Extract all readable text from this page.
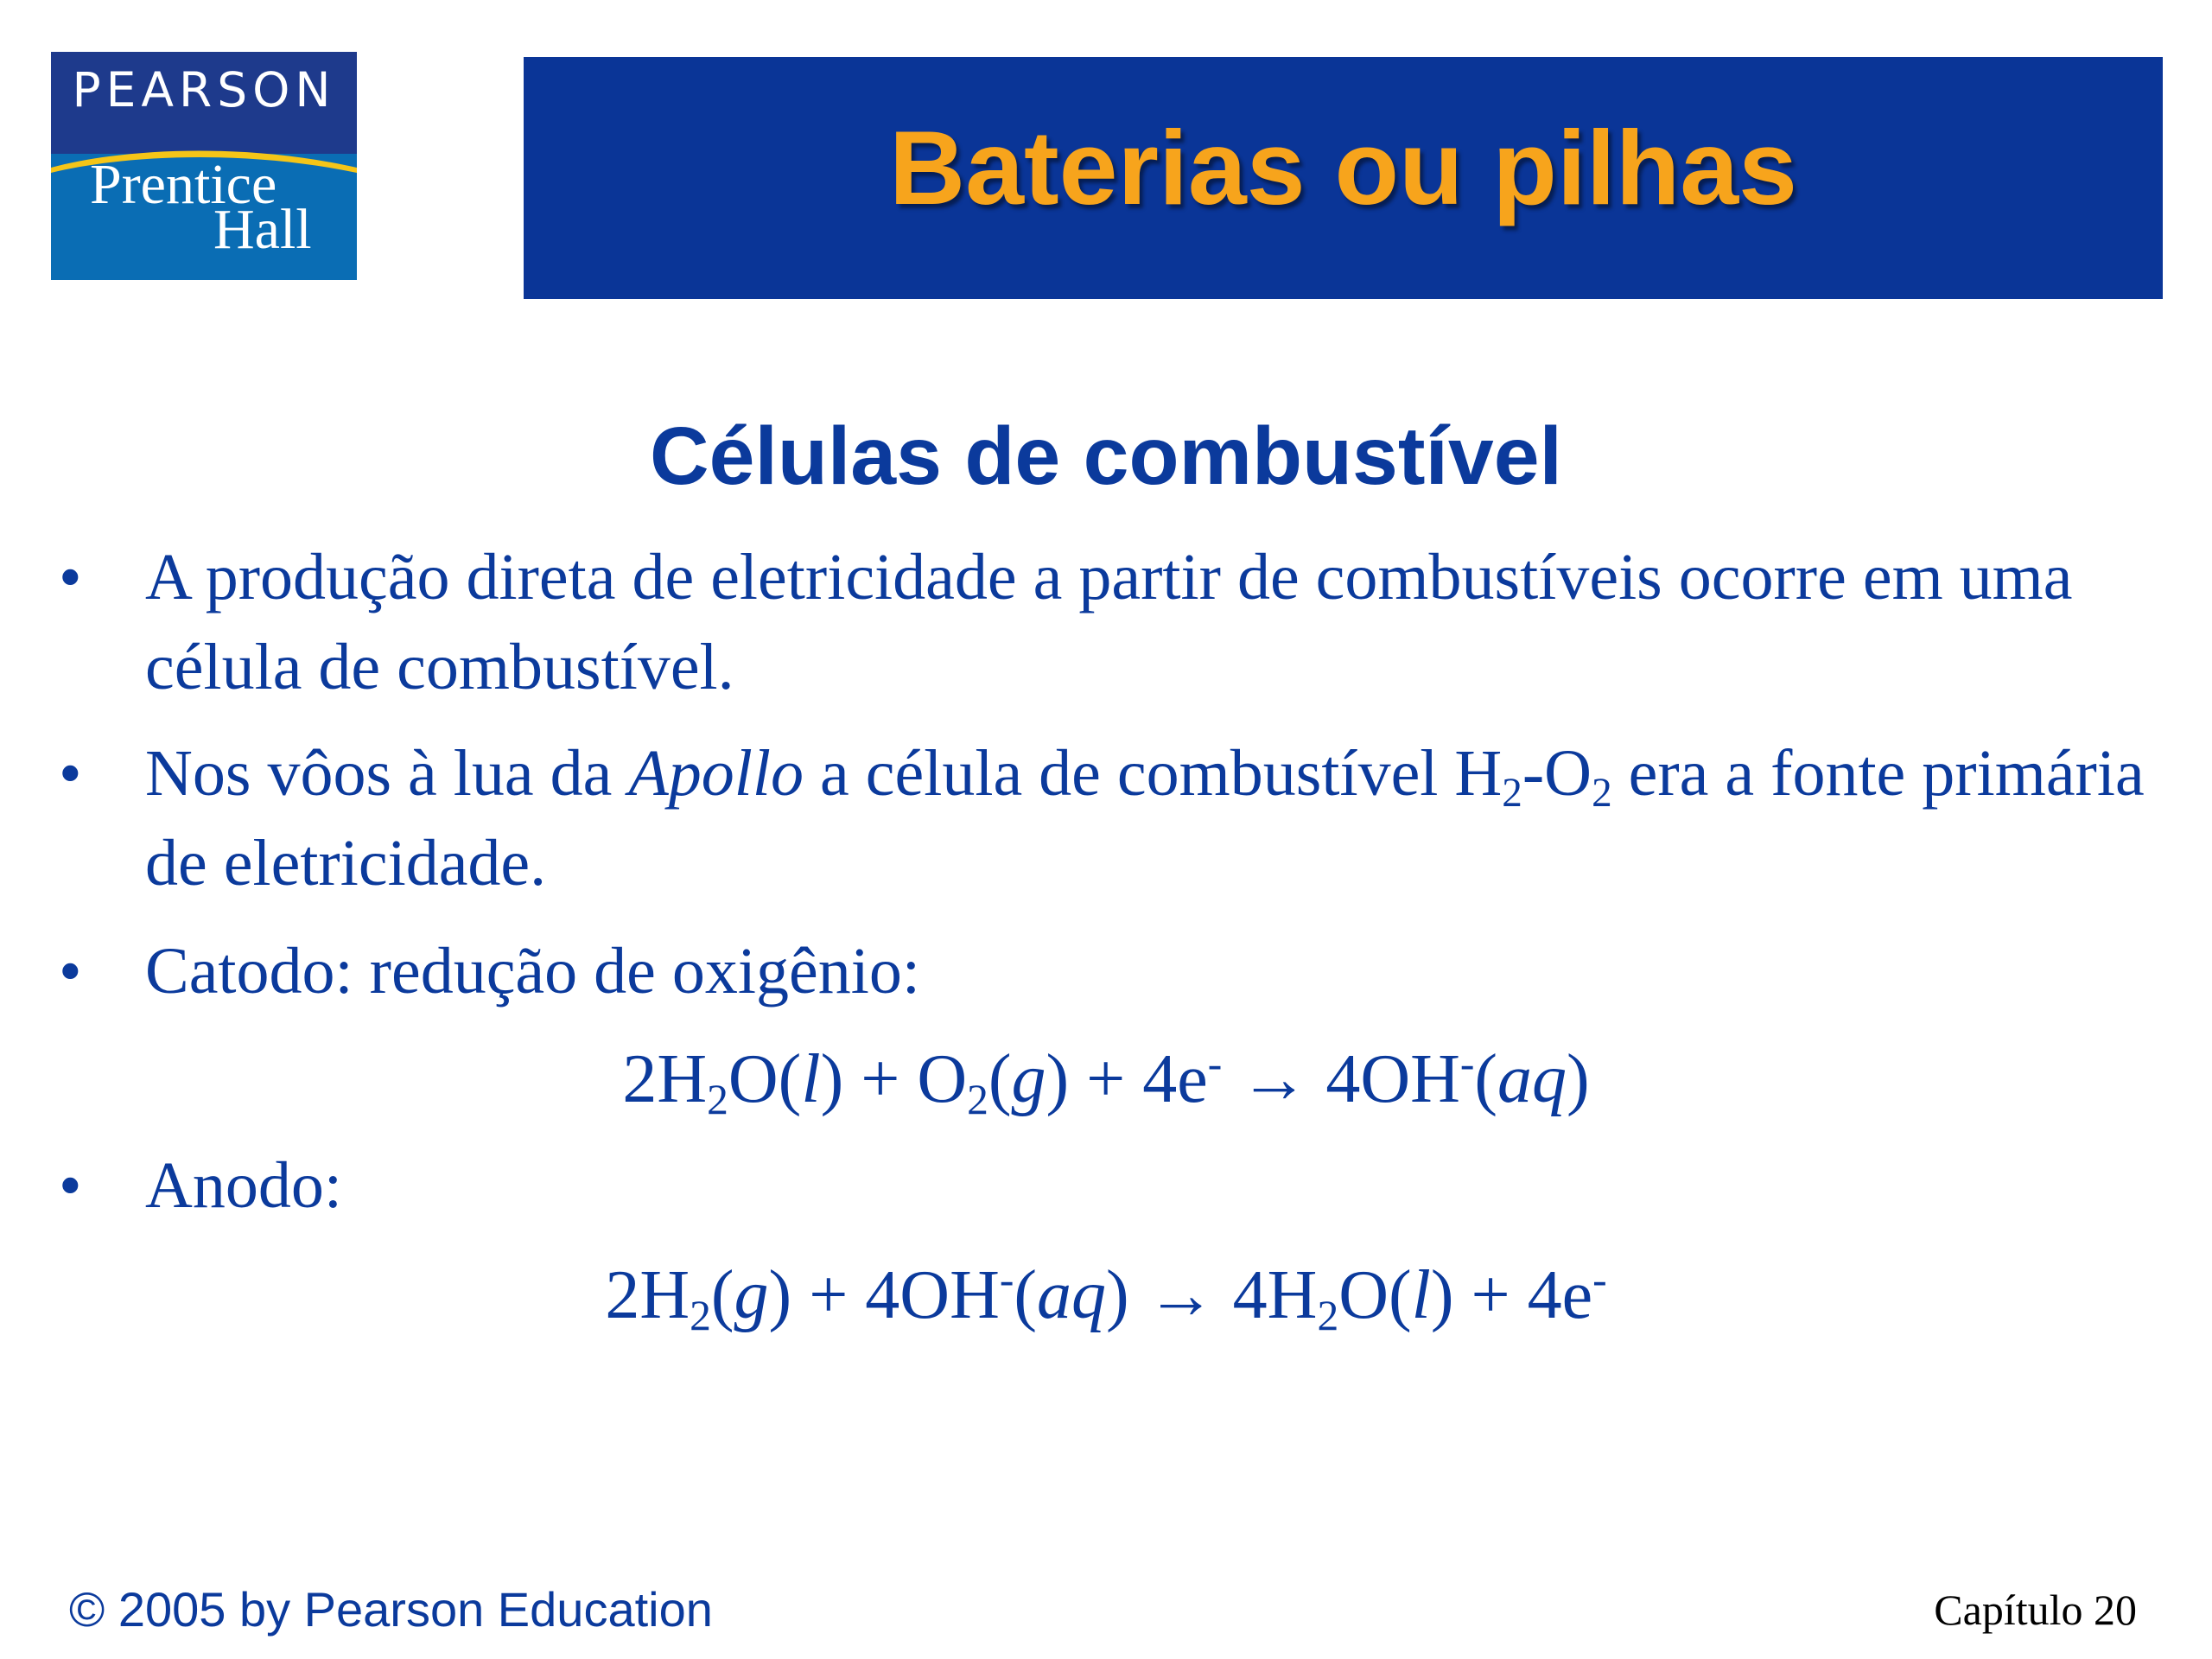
PEARSON
Prentice
Hall
Baterias ou pilhas
Células de combustível
• A produção direta de eletricidade a partir de combustíveis ocorre em uma célula de combustível.
• Nos vôos à lua da Apollo a célula de combustível $H_2-O_2$ era a fonte primária de eletricidade.
• Catodo: redução de oxigênio:
$2H_2O(l) + O_2(g) + 4e^- \to 4OH^-(aq)$
• Anodo:
$2H_2(g) + 4OH^-(aq) \to 4H_2O(l) + 4e^-$
© 2005 by Pearson Education	Capítulo 20
